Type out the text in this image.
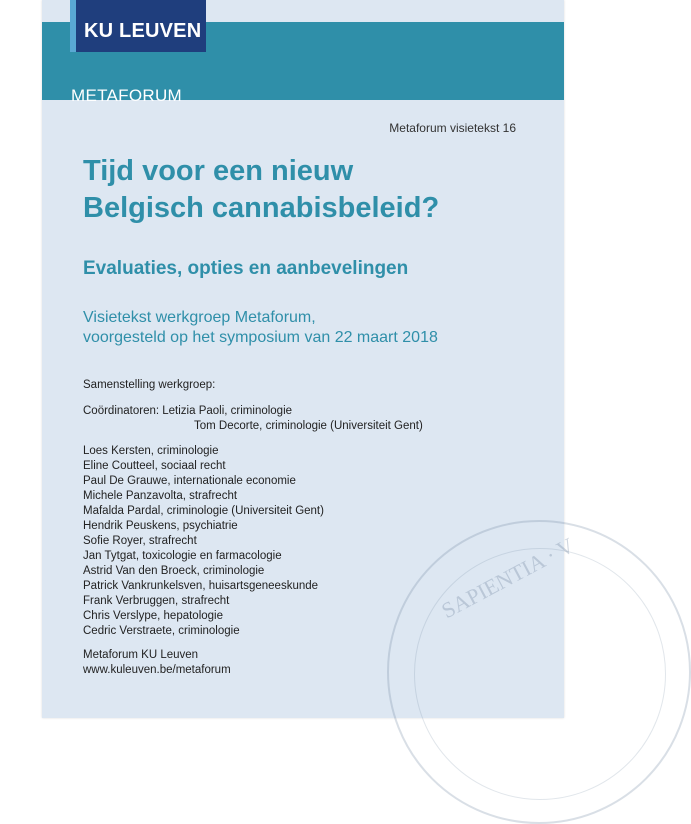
METAFORUM
KU LEUVEN
SAPIENTIA · V
Metaforum visietekst 16
Tijd voor een nieuw
Belgisch cannabisbeleid?
Evaluaties, opties en aanbevelingen
Visietekst werkgroep Metaforum,
voorgesteld op het symposium van 22 maart 2018
Samenstelling werkgroep:
Coördinatoren: Letizia Paoli, criminologie
Tom Decorte, criminologie (Universiteit Gent)
Loes Kersten, criminologie
Eline Coutteel, sociaal recht
Paul De Grauwe, internationale economie
Michele Panzavolta, strafrecht
Mafalda Pardal, criminologie (Universiteit Gent)
Hendrik Peuskens, psychiatrie
Sofie Royer, strafrecht
Jan Tytgat, toxicologie en farmacologie
Astrid Van den Broeck, criminologie
Patrick Vankrunkelsven, huisartsgeneeskunde
Frank Verbruggen, strafrecht
Chris Verslype, hepatologie
Cedric Verstraete, criminologie
Metaforum KU Leuven
www.kuleuven.be/metaforum
